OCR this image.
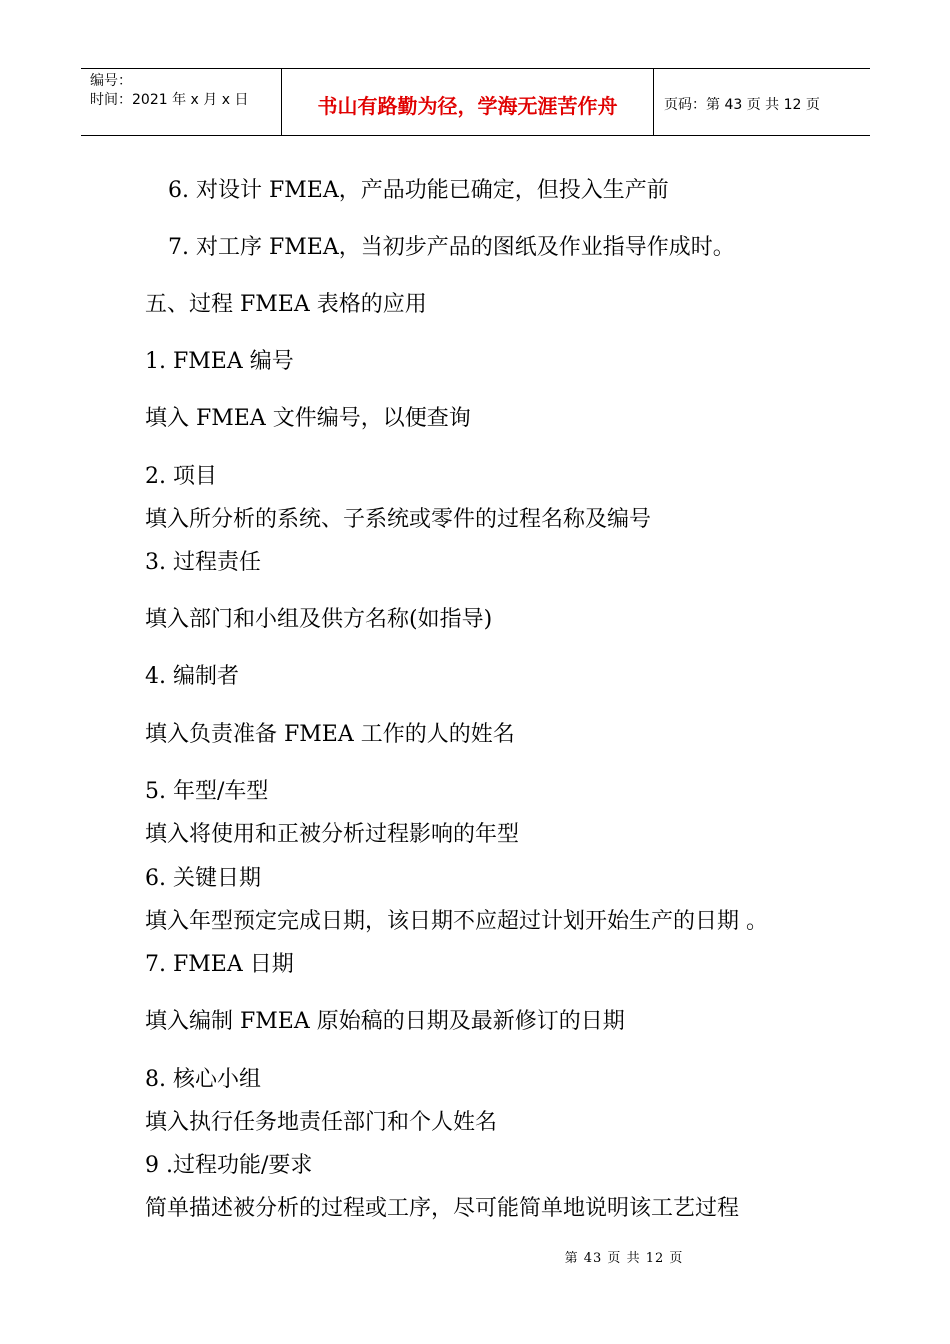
编号：
时间：2021 年 x 月 x 日	书山有路勤为径，学海无涯苦作舟	页码：第 43 页 共 12 页
6. 对设计 FMEA，产品功能已确定，但投入生产前
7. 对工序 FMEA，当初步产品的图纸及作业指导作成时。
五、过程 FMEA 表格的应用
1. FMEA 编号
填入 FMEA 文件编号，以便查询
2. 项目
填入所分析的系统、子系统或零件的过程名称及编号
3. 过程责任
填入部门和小组及供方名称(如指导)
4. 编制者
填入负责准备 FMEA 工作的人的姓名
5. 年型/车型
填入将使用和正被分析过程影响的年型
6. 关键日期
填入年型预定完成日期，该日期不应超过计划开始生产的日期 。
7. FMEA 日期
填入编制 FMEA 原始稿的日期及最新修订的日期
8. 核心小组
填入执行任务地责任部门和个人姓名
9 .过程功能/要求
简单描述被分析的过程或工序，尽可能简单地说明该工艺过程
第 43 页 共 12 页
